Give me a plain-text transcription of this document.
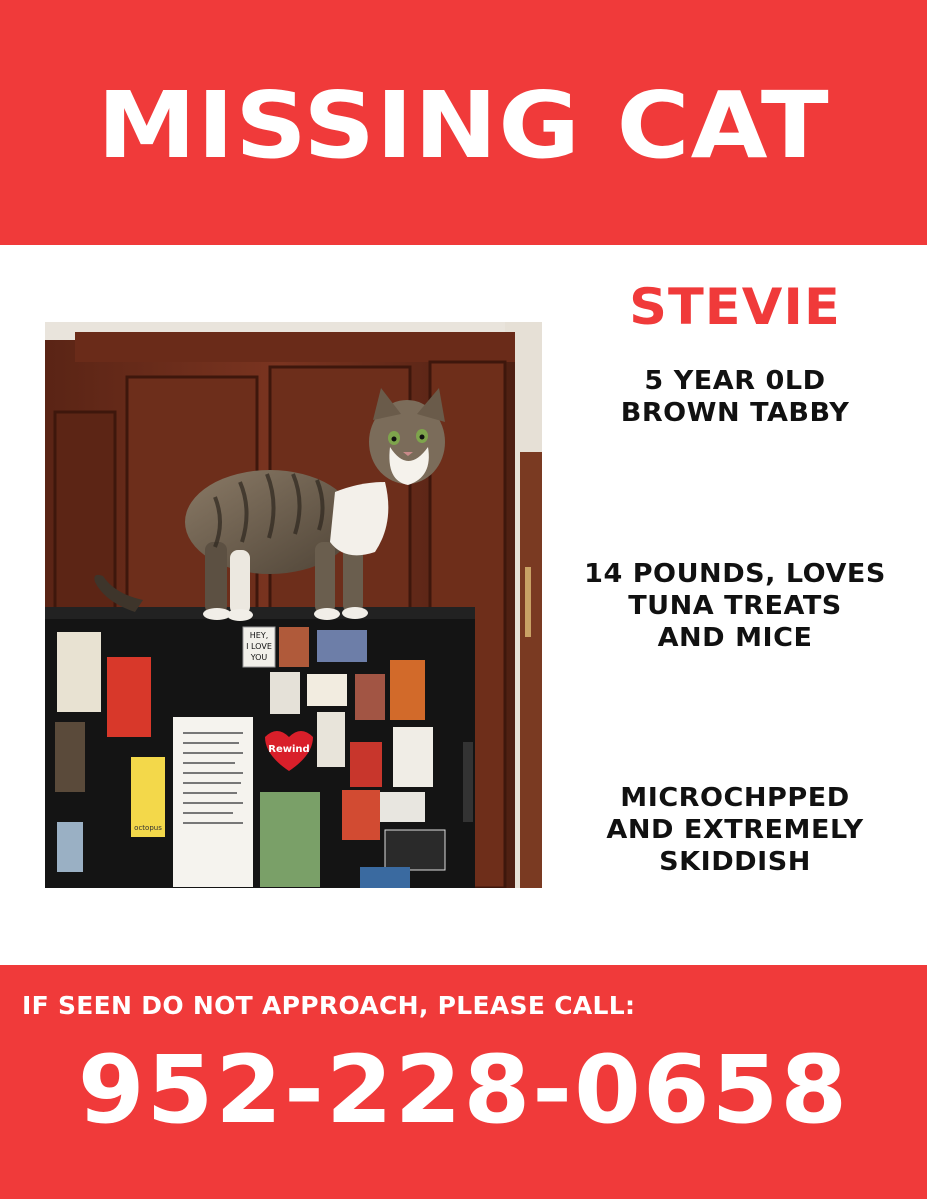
MISSING CAT
HEY,
I LOVE
YOU
Rewind
octopus
STEVIE
5 YEAR 0LD
BROWN TABBY
14 POUNDS, LOVES
TUNA TREATS
AND MICE
MICROCHPPED
AND EXTREMELY
SKIDDISH
IF SEEN DO NOT APPROACH, PLEASE CALL:
952-228-0658
